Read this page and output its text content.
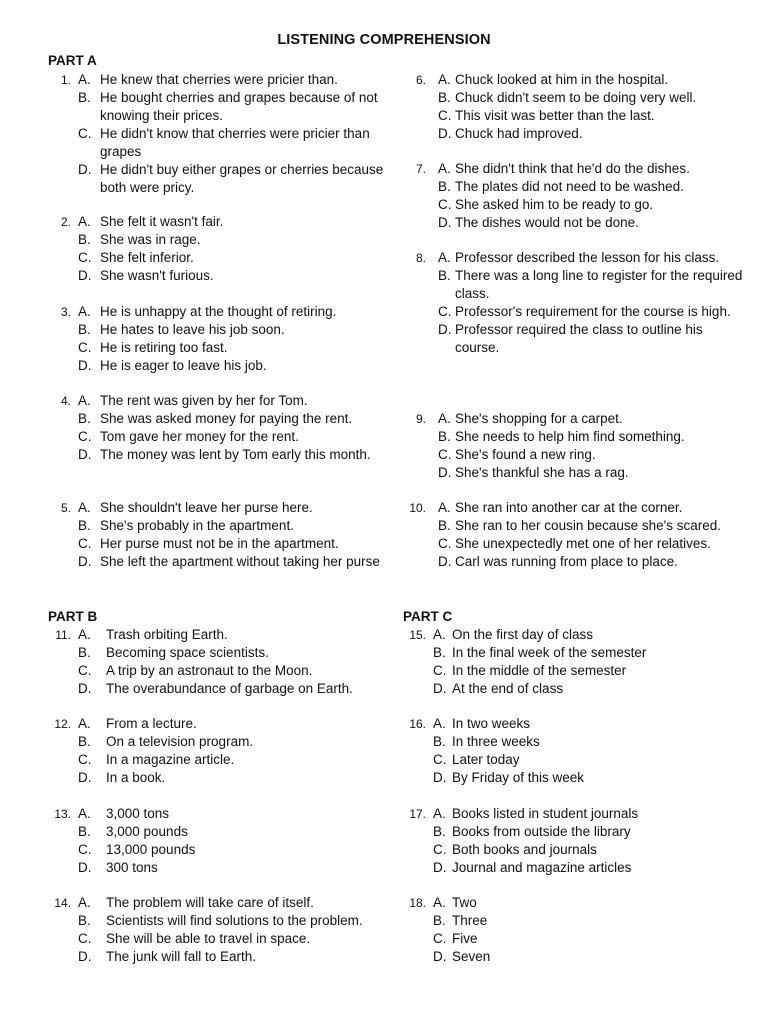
LISTENING COMPREHENSION
PART A
1. A. He knew that cherries were pricier than.
B. He bought cherries and grapes because of not knowing their prices.
C. He didn't know that cherries were pricier than grapes
D. He didn't buy either grapes or cherries because both were pricy.
2. A. She felt it wasn't fair.
B. She was in rage.
C. She felt inferior.
D. She wasn't furious.
3. A. He is unhappy at the thought of retiring.
B. He hates to leave his job soon.
C. He is retiring too fast.
D. He is eager to leave his job.
4. A. The rent was given by her for Tom.
B. She was asked money for paying the rent.
C. Tom gave her money for the rent.
D. The money was lent by Tom early this month.
5. A. She shouldn't leave her purse here.
B. She's probably in the apartment.
C. Her purse must not be in the apartment.
D. She left the apartment without taking her purse
PART B
11. A. Trash orbiting Earth.
B. Becoming space scientists.
C. A trip by an astronaut to the Moon.
D. The overabundance of garbage on Earth.
12. A. From a lecture.
B. On a television program.
C. In a magazine article.
D. In a book.
13. A. 3,000 tons
B. 3,000 pounds
C. 13,000 pounds
D. 300 tons
14. A. The problem will take care of itself.
B. Scientists will find solutions to the problem.
C. She will be able to travel in space.
D. The junk will fall to Earth.
6. A. Chuck looked at him in the hospital.
B. Chuck didn't seem to be doing very well.
C. This visit was better than the last.
D. Chuck had improved.
7. A. She didn't think that he'd do the dishes.
B. The plates did not need to be washed.
C. She asked him to be ready to go.
D. The dishes would not be done.
8. A. Professor described the lesson for his class.
B. There was a long line to register for the required class.
C. Professor's requirement for the course is high.
D. Professor required the class to outline his course.
9. A. She's shopping for a carpet.
B. She needs to help him find something.
C. She's found a new ring.
D. She's thankful she has a rag.
10. A. She ran into another car at the corner.
B. She ran to her cousin because she's scared.
C. She unexpectedly met one of her relatives.
D. Carl was running from place to place.
PART C
15. A. On the first day of class
B. In the final week of the semester
C. In the middle of the semester
D. At the end of class
16. A. In two weeks
B. In three weeks
C. Later today
D. By Friday of this week
17. A. Books listed in student journals
B. Books from outside the library
C. Both books and journals
D. Journal and magazine articles
18. A. Two
B. Three
C. Five
D. Seven
